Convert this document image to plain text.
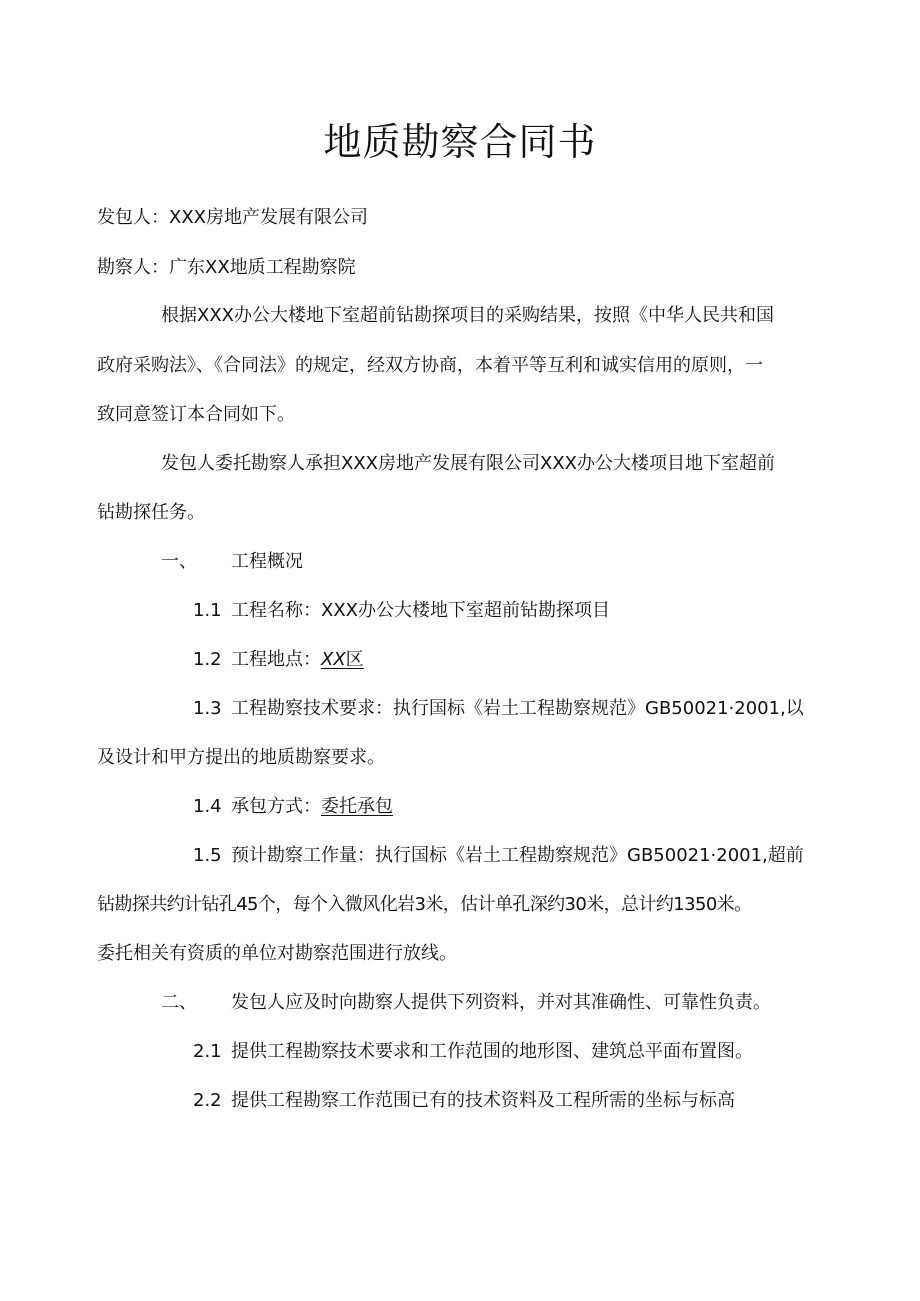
地质勘察合同书
发包人：XXX房地产发展有限公司
勘察人：广东XX地质工程勘察院
根据XXX办公大楼地下室超前钻勘探项目的采购结果，按照《中华人民共和国
政府采购法》、《合同法》的规定，经双方协商，本着平等互利和诚实信用的原则，一
致同意签订本合同如下。
发包人委托勘察人承担XXX房地产发展有限公司XXX办公大楼项目地下室超前
钻勘探任务。
一、 工程概况
1.1 工程名称：XXX办公大楼地下室超前钻勘探项目
1.2 工程地点：XX区
1.3 工程勘察技术要求：执行国标《岩土工程勘察规范》GB50021·2001,以
及设计和甲方提出的地质勘察要求。
1.4 承包方式：委托承包
1.5 预计勘察工作量：执行国标《岩土工程勘察规范》GB50021·2001,超前
钻勘探共约计钻孔45个，每个入微风化岩3米，估计单孔深约30米，总计约1350米。
委托相关有资质的单位对勘察范围进行放线。
二、 发包人应及时向勘察人提供下列资料，并对其准确性、可靠性负责。
2.1 提供工程勘察技术要求和工作范围的地形图、建筑总平面布置图。
2.2 提供工程勘察工作范围已有的技术资料及工程所需的坐标与标高
